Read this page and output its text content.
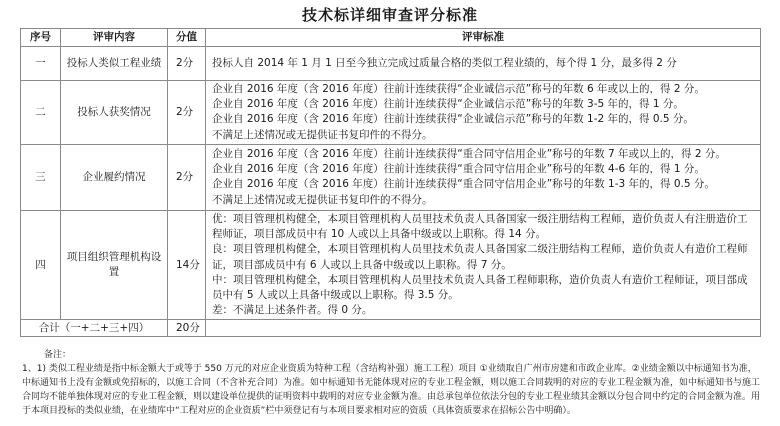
技术标详细审查评分标准
序号	评审内容	分值	评审标准
一	投标人类似工程业绩	2分	投标人自 2014 年 1 月 1 日至今独立完成过质量合格的类似工程业绩的，每个得 1 分，最多得 2 分

二	投标人获奖情况	2分	企业自 2016 年度（含 2016 年度）往前计连续获得“企业诚信示范”称号的年数 6 年或以上的，得 2 分。
企业自 2016 年度（含 2016 年度）往前计连续获得“企业诚信示范”称号的年数 3-5 年的，得 1 分。
企业自 2016 年度（含 2016 年度）往前计连续获得“企业诚信示范”称号的年数 1-2 年的，得 0.5 分。
不满足上述情况或无提供证书复印件的不得分。

三	企业履约情况	2分	企业自 2016 年度（含 2016 年度）往前计连续获得“重合同守信用企业”称号的年数 7 年或以上的，得 2 分。
企业自 2016 年度（含 2016 年度）往前计连续获得“重合同守信用企业”称号的年数 4-6 年的，得 1 分。
企业自 2016 年度（含 2016 年度）往前计连续获得“重合同守信用企业”称号的年数 1-3 年的，得 0.5 分。
不满足上述情况或无提供证书复印件的不得分。

四	项目组织管理机构设置	14分	优：项目管理机构健全，本项目管理机构人员里技术负责人具备国家一级注册结构工程师，造价负责人有注册造价工程师证，项目部成员中有 10 人或以上具备中级或以上职称。得 14 分。
良：项目管理机构健全，本项目管理机构人员里技术负责人具备国家二级注册结构工程师，造价负责人有造价工程师证，项目部成员中有 6 人或以上具备中级或以上职称。得 7 分。
中：项目管理机构健全，本项目管理机构人员里技术负责人具备工程师职称，造价负责人有造价工程师证，项目部成员中有 5 人或以上具备中级或以上职称。得 3.5 分。
差：不满足上述条件者。得 0 分。

合计（一+二+三+四）		20分	
备注：
1、1) 类似工程业绩是指中标金额大于或等于 550 万元的对应企业资质为特种工程（含结构补强）施工工程）项目 ①业绩取自广州市房建和市政企业库。②业绩金额以中标通知书为准，中标通知书上没有金额或免招标的，以施工合同（不含补充合同）为准。如中标通知书无能体现对应的专业工程金额，则以施工合同载明的对应的专业工程金额为准，如中标通知书与施工合同均不能单独体现对应的专业工程金额，则以建设单位提供的证明资料中载明的对应专业金额为准。由总承包单位依法分包的专业工程业绩其金额以分包合同中约定的合同金额为准。用于本项目投标的类似业绩，在业绩库中“工程对应的企业资质”栏中须登记有与本项目要求相对应的资质（具体资质要求在招标公告中明确）。
